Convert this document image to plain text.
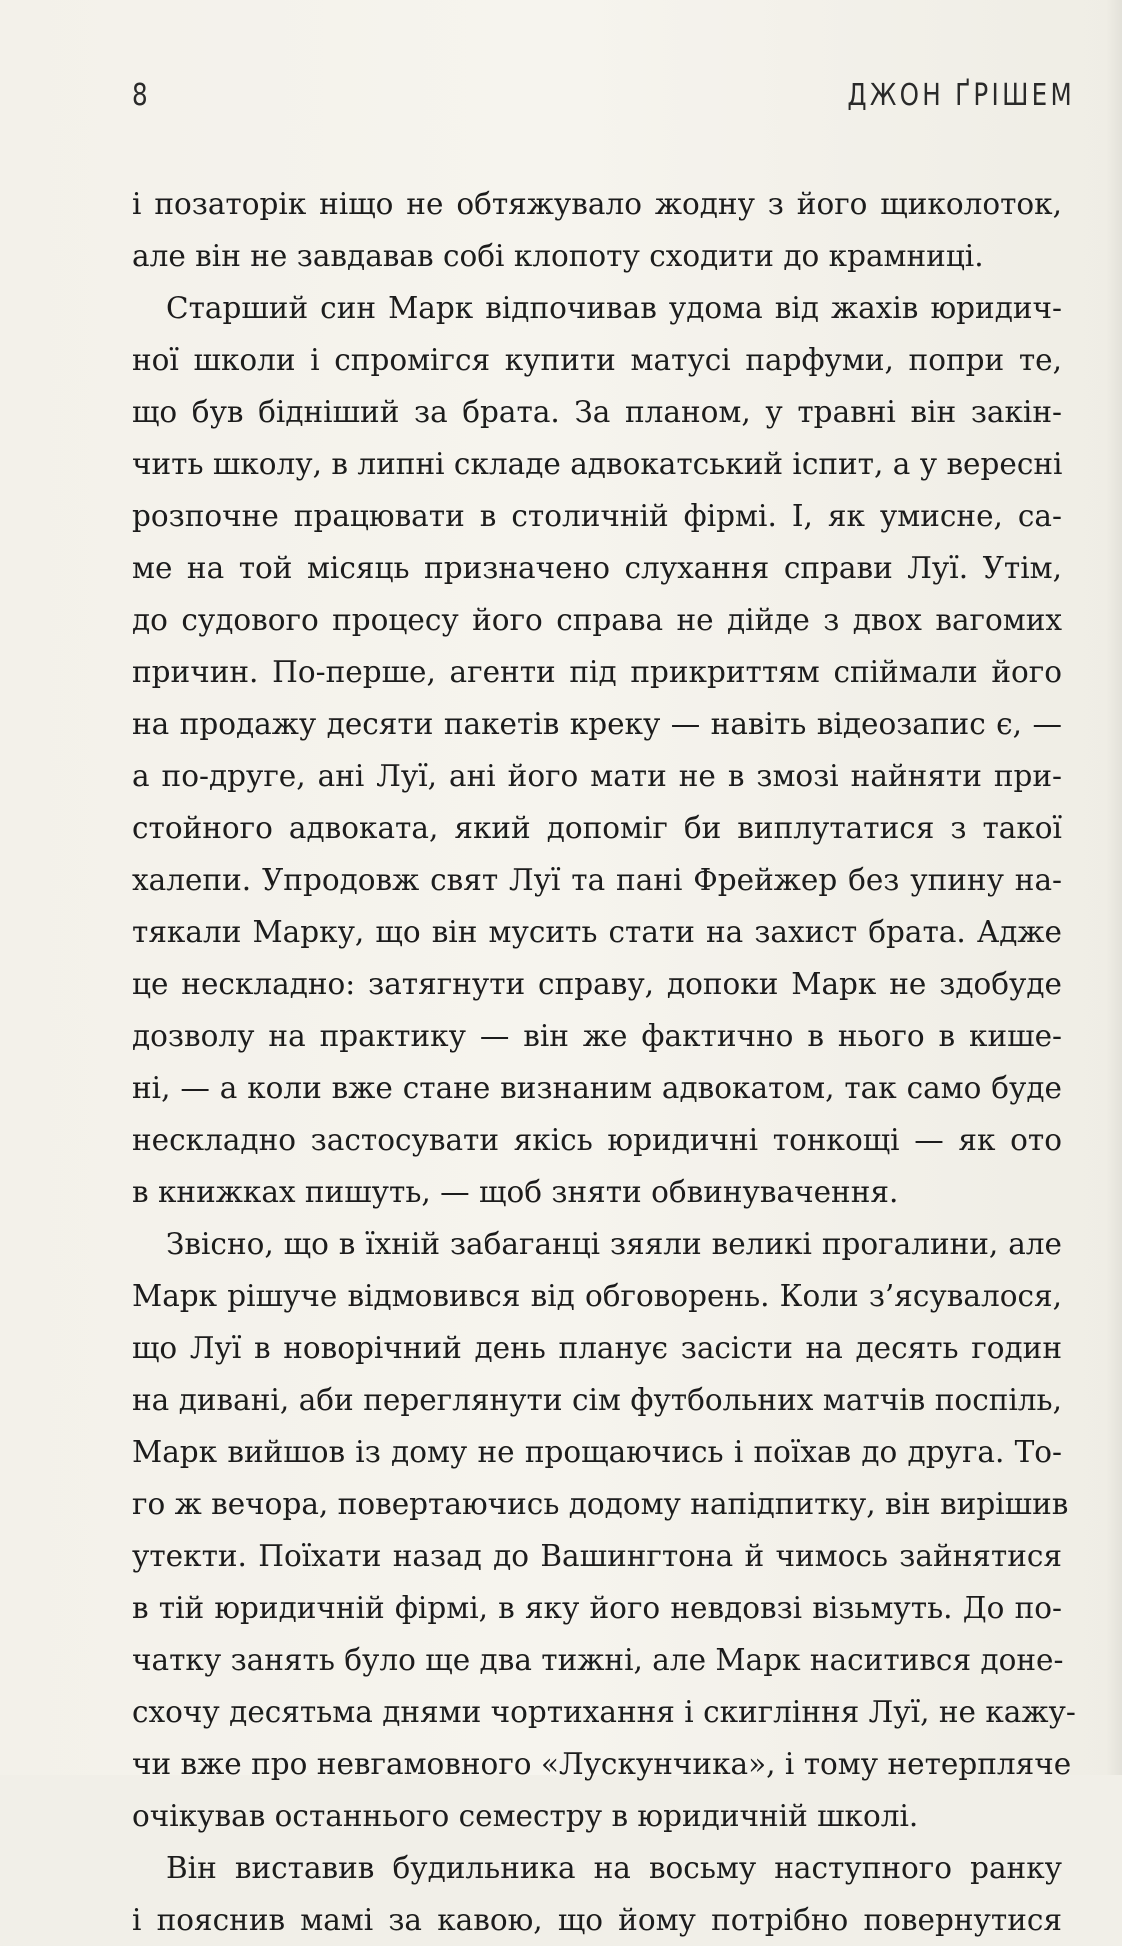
8	ДЖОН ҐРІШЕМ

і позаторік ніщо не обтяжувало жодну з його щиколоток,
але він не завдавав собі клопоту сходити до крамниці.

Старший син Марк відпочивав удома від жахів юридич-
ної школи і спромігся купити матусі парфуми, попри те,
що був бідніший за брата. За планом, у травні він закін-
чить школу, в липні складе адвокатський іспит, а у вересні
розпочне працювати в столичній фірмі. І, як умисне, са-
ме на той місяць призначено слухання справи Луї. Утім,
до судового процесу його справа не дійде з двох вагомих
причин. По-перше, агенти під прикриттям спіймали його
на продажу десяти пакетів креку — навіть відеозапис є, —
а по-друге, ані Луї, ані його мати не в змозі найняти при-
стойного адвоката, який допоміг би виплутатися з такої
халепи. Упродовж свят Луї та пані Фрейжер без упину на-
тякали Марку, що він мусить стати на захист брата. Адже
це нескладно: затягнути справу, допоки Марк не здобуде
дозволу на практику — він же фактично в нього в кише-
ні, — а коли вже стане визнаним адвокатом, так само буде
нескладно застосувати якісь юридичні тонкощі — як ото
в книжках пишуть, — щоб зняти обвинувачення.

Звісно, що в їхній забаганці зяяли великі прогалини, але
Марк рішуче відмовився від обговорень. Коли з’ясувалося,
що Луї в новорічний день планує засісти на десять годин
на дивані, аби переглянути сім футбольних матчів поспіль,
Марк вийшов із дому не прощаючись і поїхав до друга. То-
го ж вечора, повертаючись додому напідпитку, він вирішив
утекти. Поїхати назад до Вашингтона й чимось зайнятися
в тій юридичній фірмі, в яку його невдовзі візьмуть. До по-
чатку занять було ще два тижні, але Марк наситився доне-
схочу десятьма днями чортихання і скигління Луї, не кажу-
чи вже про невгамовного «Лускунчика», і тому нетерпляче
очікував останнього семестру в юридичній школі.

Він виставив будильника на восьму наступного ранку
і пояснив мамі за кавою, що йому потрібно повернутися
